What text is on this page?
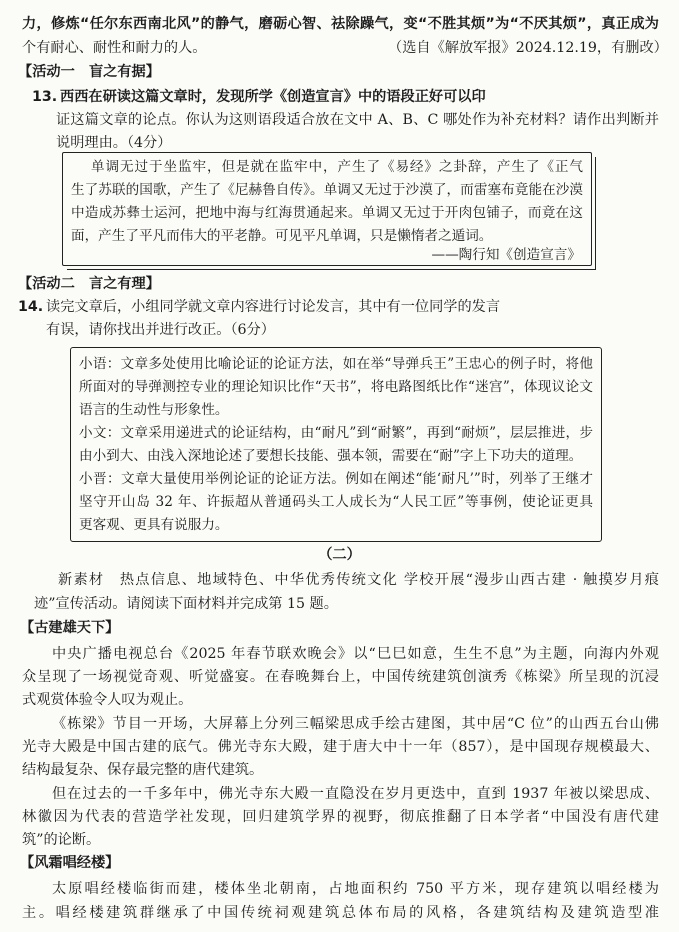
力，修炼“任尔东西南北风”的静气，磨砺心智、祛除躁气，变“不胜其烦”为“不厌其烦”，真正成为
个有耐心、耐性和耐力的人。	（选自《解放军报》2024.12.19，有删改）
【活动一　盲之有据】
13. 西西在研读这篇文章时，发现所学《创造宣言》中的语段正好可以印
证这篇文章的论点。你认为这则语段适合放在文中 A、B、C 哪处作为补充材料？请作出判断并
说明理由。（4分）
单调无过于坐监牢，但是就在监牢中，产生了《易经》之卦辞，产生了《正气
生了苏联的国歌，产生了《尼赫鲁自传》。单调又无过于沙漠了，而雷塞布竟能在沙漠
中造成苏彝士运河，把地中海与红海贯通起来。单调又无过于开肉包铺子，而竟在这
面，产生了平凡而伟大的平老静。可见平凡单调，只是懒惰者之遁词。
——陶行知《创造宣言》
【活动二　言之有理】
14. 读完文章后，小组同学就文章内容进行讨论发言，其中有一位同学的发言
有误，请你找出并进行改正。（6分）
小语：文章多处使用比喻论证的论证方法，如在举“导弹兵王”王忠心的例子时，将他
所面对的导弹测控专业的理论知识比作“天书”，将电路图纸比作“迷宫”，体现议论文
语言的生动性与形象性。
小文：文章采用递进式的论证结构，由“耐凡”到“耐繁”，再到“耐烦”，层层推进，步
由小到大、由浅入深地论述了要想长技能、强本领，需要在“耐”字上下功夫的道理。
小晋：文章大量使用举例论证的论证方法。例如在阐述“能‘耐凡’”时，列举了王继才
坚守开山岛 32 年、许振超从普通码头工人成长为“人民工匠”等事例，使论证更具
更客观、更具有说服力。
（二）
新素材　热点信息、地域特色、中华优秀传统文化 学校开展“漫步山西古建 · 触摸岁月痕
迹”宣传活动。请阅读下面材料并完成第 15 题。
【古建雄天下】
中央广播电视总台《2025 年春节联欢晚会》以“巳巳如意，生生不息”为主题，向海内外观
众呈现了一场视觉奇观、听觉盛宴。在春晚舞台上，中国传统建筑创演秀《栋梁》所呈现的沉浸
式观赏体验令人叹为观止。
《栋梁》节目一开场，大屏幕上分列三幅梁思成手绘古建图，其中居“C 位”的山西五台山佛
光寺大殿是中国古建的底气。佛光寺东大殿，建于唐大中十一年（857），是中国现存规模最大、
结构最复杂、保存最完整的唐代建筑。
但在过去的一千多年中，佛光寺东大殿一直隐没在岁月更迭中，直到 1937 年被以梁思成、
林徽因为代表的营造学社发现，回归建筑学界的视野，彻底推翻了日本学者“中国没有唐代建
筑”的论断。
【风霜唱经楼】
太原唱经楼临街而建，楼体坐北朝南，占地面积约 750 平方米，现存建筑以唱经楼为
主。唱经楼建筑群继承了中国传统祠观建筑总体布局的风格，各建筑结构及建筑造型准
